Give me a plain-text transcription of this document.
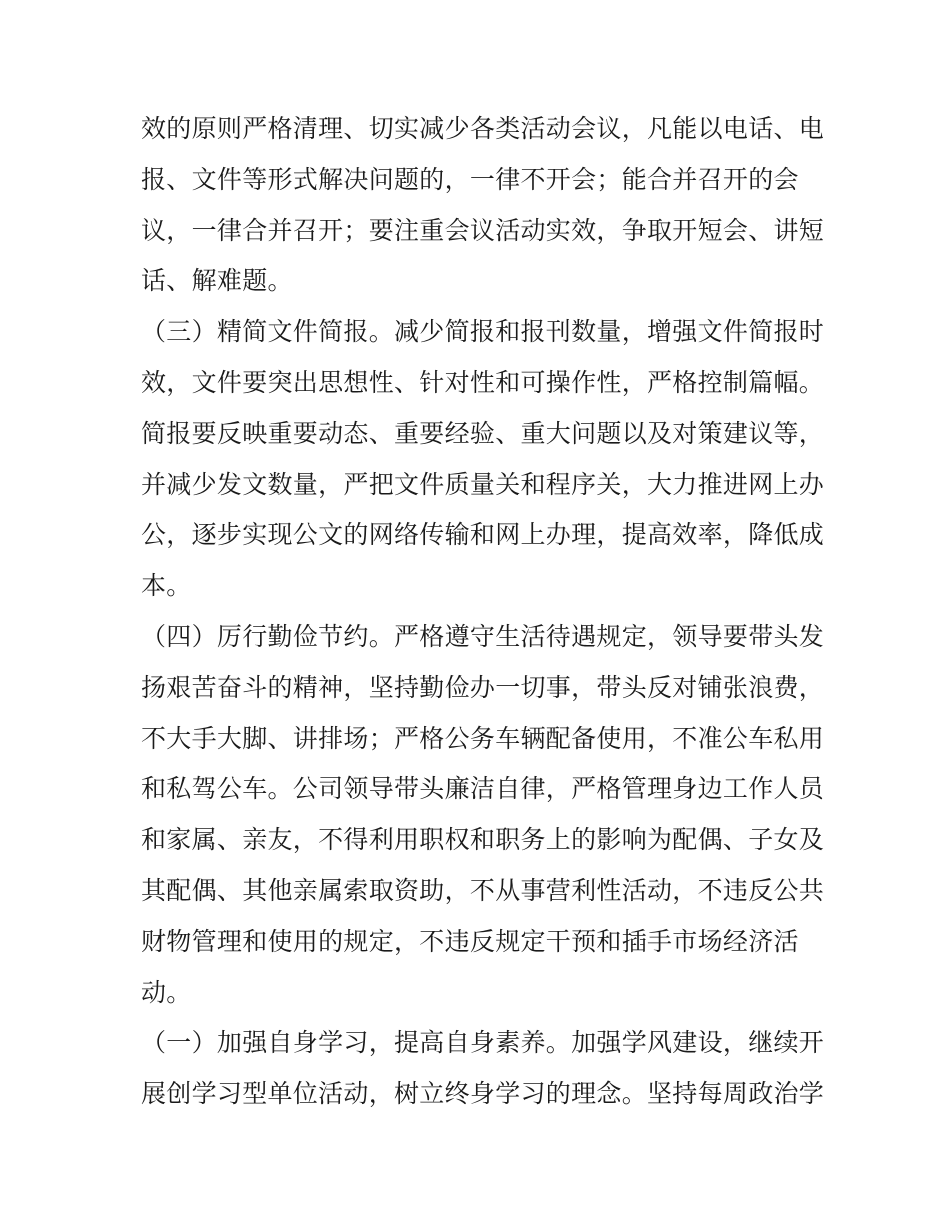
效的原则严格清理、切实减少各类活动会议，凡能以电话、电
报、文件等形式解决问题的，一律不开会；能合并召开的会
议，一律合并召开；要注重会议活动实效，争取开短会、讲短
话、解难题。
（三）精简文件简报。减少简报和报刊数量，增强文件简报时
效，文件要突出思想性、针对性和可操作性，严格控制篇幅。
简报要反映重要动态、重要经验、重大问题以及对策建议等，
并减少发文数量，严把文件质量关和程序关，大力推进网上办
公，逐步实现公文的网络传输和网上办理，提高效率，降低成
本。
（四）厉行勤俭节约。严格遵守生活待遇规定，领导要带头发
扬艰苦奋斗的精神，坚持勤俭办一切事，带头反对铺张浪费，
不大手大脚、讲排场；严格公务车辆配备使用，不准公车私用
和私驾公车。公司领导带头廉洁自律，严格管理身边工作人员
和家属、亲友，不得利用职权和职务上的影响为配偶、子女及
其配偶、其他亲属索取资助，不从事营利性活动，不违反公共
财物管理和使用的规定，不违反规定干预和插手市场经济活
动。
（一）加强自身学习，提高自身素养。加强学风建设，继续开
展创学习型单位活动，树立终身学习的理念。坚持每周政治学
